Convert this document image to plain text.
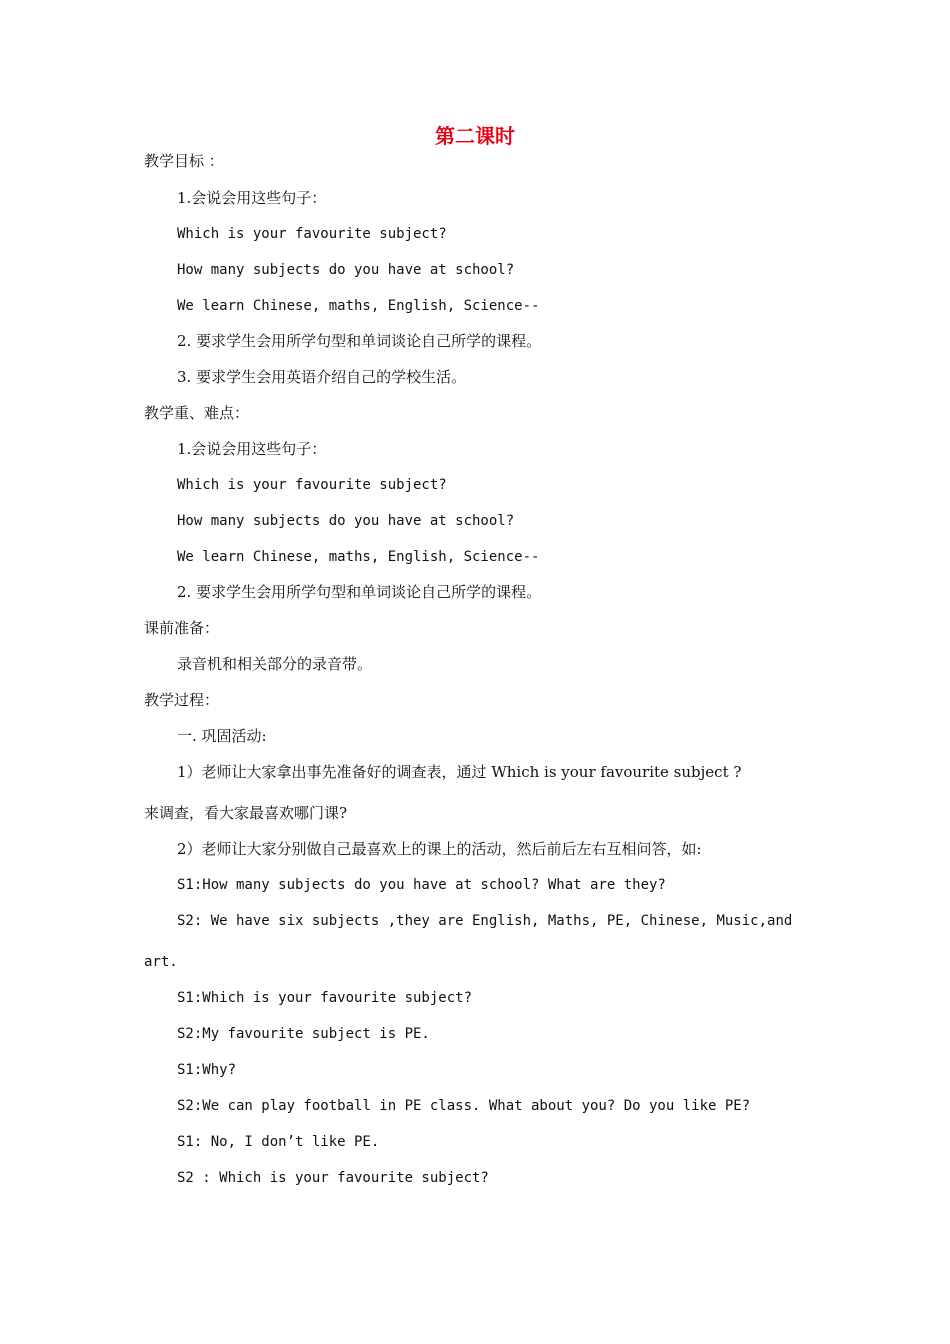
第二课时
教学目标 ：
1.会说会用这些句子：
Which is your favourite subject?
How many subjects do you have at school?
We learn Chinese, maths, English, Science--
2. 要求学生会用所学句型和单词谈论自己所学的课程。
3. 要求学生会用英语介绍自己的学校生活。
教学重、难点：
1.会说会用这些句子：
Which is your favourite subject?
How many subjects do you have at school?
We learn Chinese, maths, English, Science--
2. 要求学生会用所学句型和单词谈论自己所学的课程。
课前准备：
录音机和相关部分的录音带。
教学过程：
一. 巩固活动:
1）老师让大家拿出事先准备好的调查表，通过 Which is your favourite subject ?
来调查，看大家最喜欢哪门课?
2）老师让大家分别做自己最喜欢上的课上的活动，然后前后左右互相问答，如:
S1:How many subjects do you have at school? What are they?
S2: We have six subjects ,they are English, Maths, PE, Chinese, Music,and
art.
S1:Which is your favourite subject?
S2:My favourite subject is PE.
S1:Why?
S2:We can play football in PE class. What about you? Do you like PE?
S1: No, I don’t like PE.
S2 : Which is your favourite subject?
